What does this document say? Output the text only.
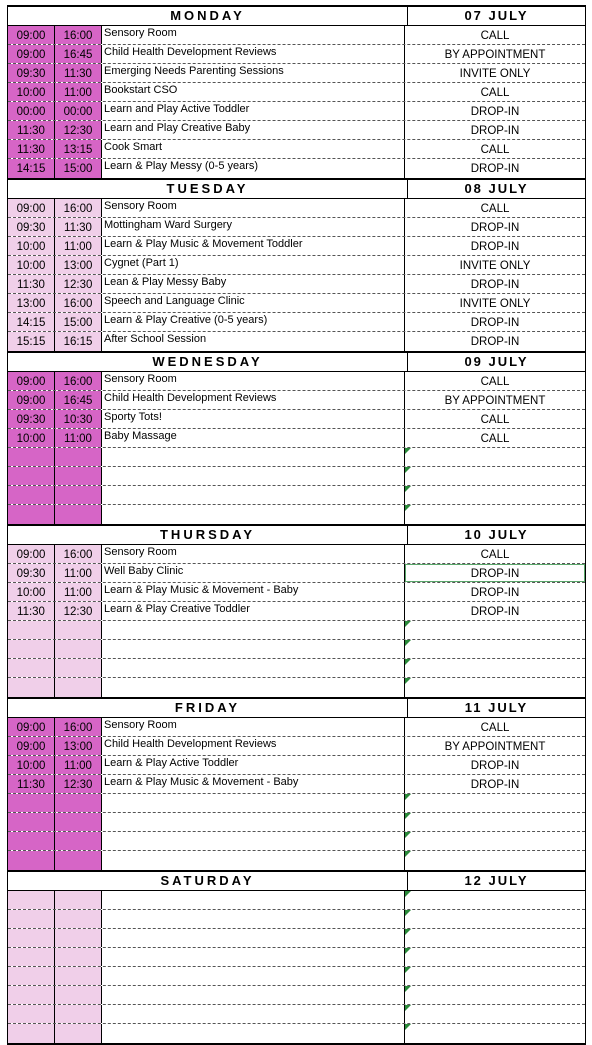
MONDAY	07 JULY
09:00	16:00	Sensory Room	CALL
09:00	16:45	Child Health Development Reviews	BY APPOINTMENT
09:30	11:30	Emerging Needs Parenting Sessions	INVITE ONLY
10:00	11:00	Bookstart CSO	CALL
00:00	00:00	Learn and Play Active Toddler	DROP-IN
11:30	12:30	Learn and Play Creative Baby	DROP-IN
11:30	13:15	Cook Smart	CALL
14:15	15:00	Learn & Play Messy (0-5 years)	DROP-IN
TUESDAY	08 JULY
09:00	16:00	Sensory Room	CALL
09:30	11:30	Mottingham Ward Surgery	DROP-IN
10:00	11:00	Learn & Play Music & Movement Toddler	DROP-IN
10:00	13:00	Cygnet (Part 1)	INVITE ONLY
11:30	12:30	Lean & Play Messy Baby	DROP-IN
13:00	16:00	Speech and Language Clinic	INVITE ONLY
14:15	15:00	Learn & Play Creative (0-5 years)	DROP-IN
15:15	16:15	After School Session	DROP-IN
WEDNESDAY	09 JULY
09:00	16:00	Sensory Room	CALL
09:00	16:45	Child Health Development Reviews	BY APPOINTMENT
09:30	10:30	Sporty Tots!	CALL
10:00	11:00	Baby Massage	CALL
THURSDAY	10 JULY
09:00	16:00	Sensory Room	CALL
09:30	11:00	Well Baby Clinic	DROP-IN
10:00	11:00	Learn & Play Music & Movement - Baby	DROP-IN
11:30	12:30	Learn & Play Creative Toddler	DROP-IN
FRIDAY	11 JULY
09:00	16:00	Sensory Room	CALL
09:00	13:00	Child Health Development Reviews	BY APPOINTMENT
10:00	11:00	Learn & Play Active Toddler	DROP-IN
11:30	12:30	Learn & Play Music & Movement - Baby	DROP-IN
SATURDAY	12 JULY
